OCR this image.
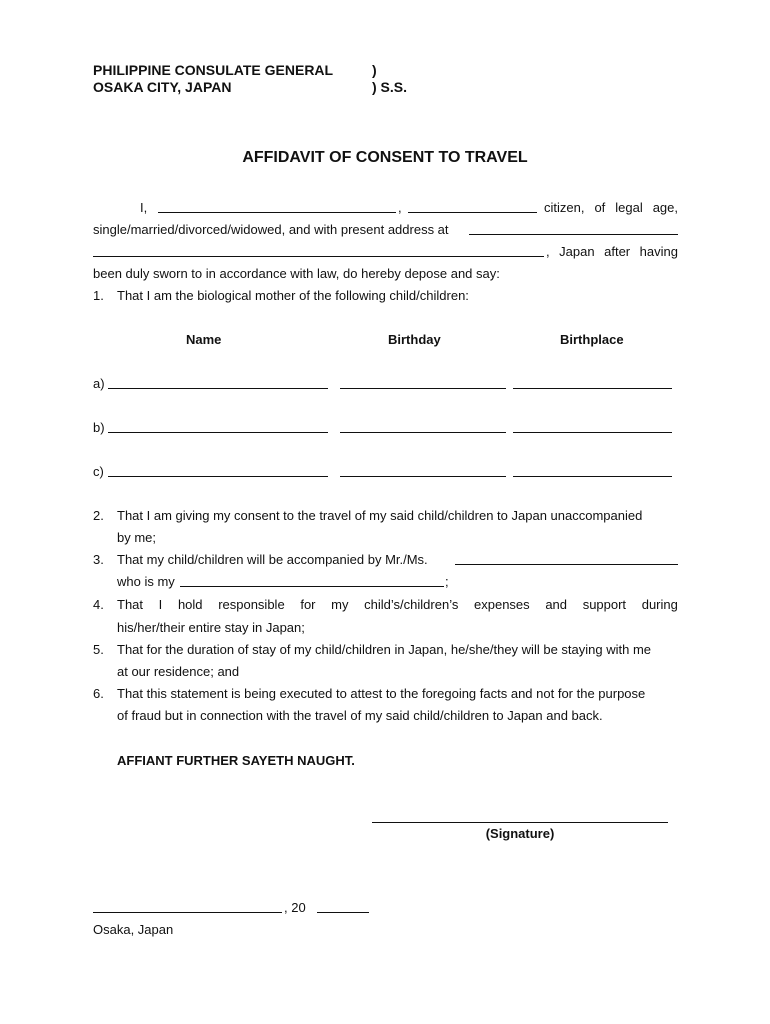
PHILIPPINE CONSULATE GENERAL
OSAKA CITY, JAPAN
)
) S.S.
AFFIDAVIT OF CONSENT TO TRAVEL
I,	,	citizen, of legal age,
single/married/divorced/widowed, and with present address at
, Japan after having
been duly sworn to in accordance with law, do hereby depose and say:
1. That I am the biological mother of the following child/children:
Name	Birthday	Birthplace
a)
b)
c)
2. That I am giving my consent to the travel of my said child/children to Japan unaccompanied
by me;
3. That my child/children will be accompanied by Mr./Ms.
who is my	;
4. That I hold responsible for my child’s/children’s expenses and support during
his/her/their entire stay in Japan;
5. That for the duration of stay of my child/children in Japan, he/she/they will be staying with me
at our residence; and
6. That this statement is being executed to attest to the foregoing facts and not for the purpose
of fraud but in connection with the travel of my said child/children to Japan and back.
AFFIANT FURTHER SAYETH NAUGHT.
(Signature)
, 20
Osaka, Japan
